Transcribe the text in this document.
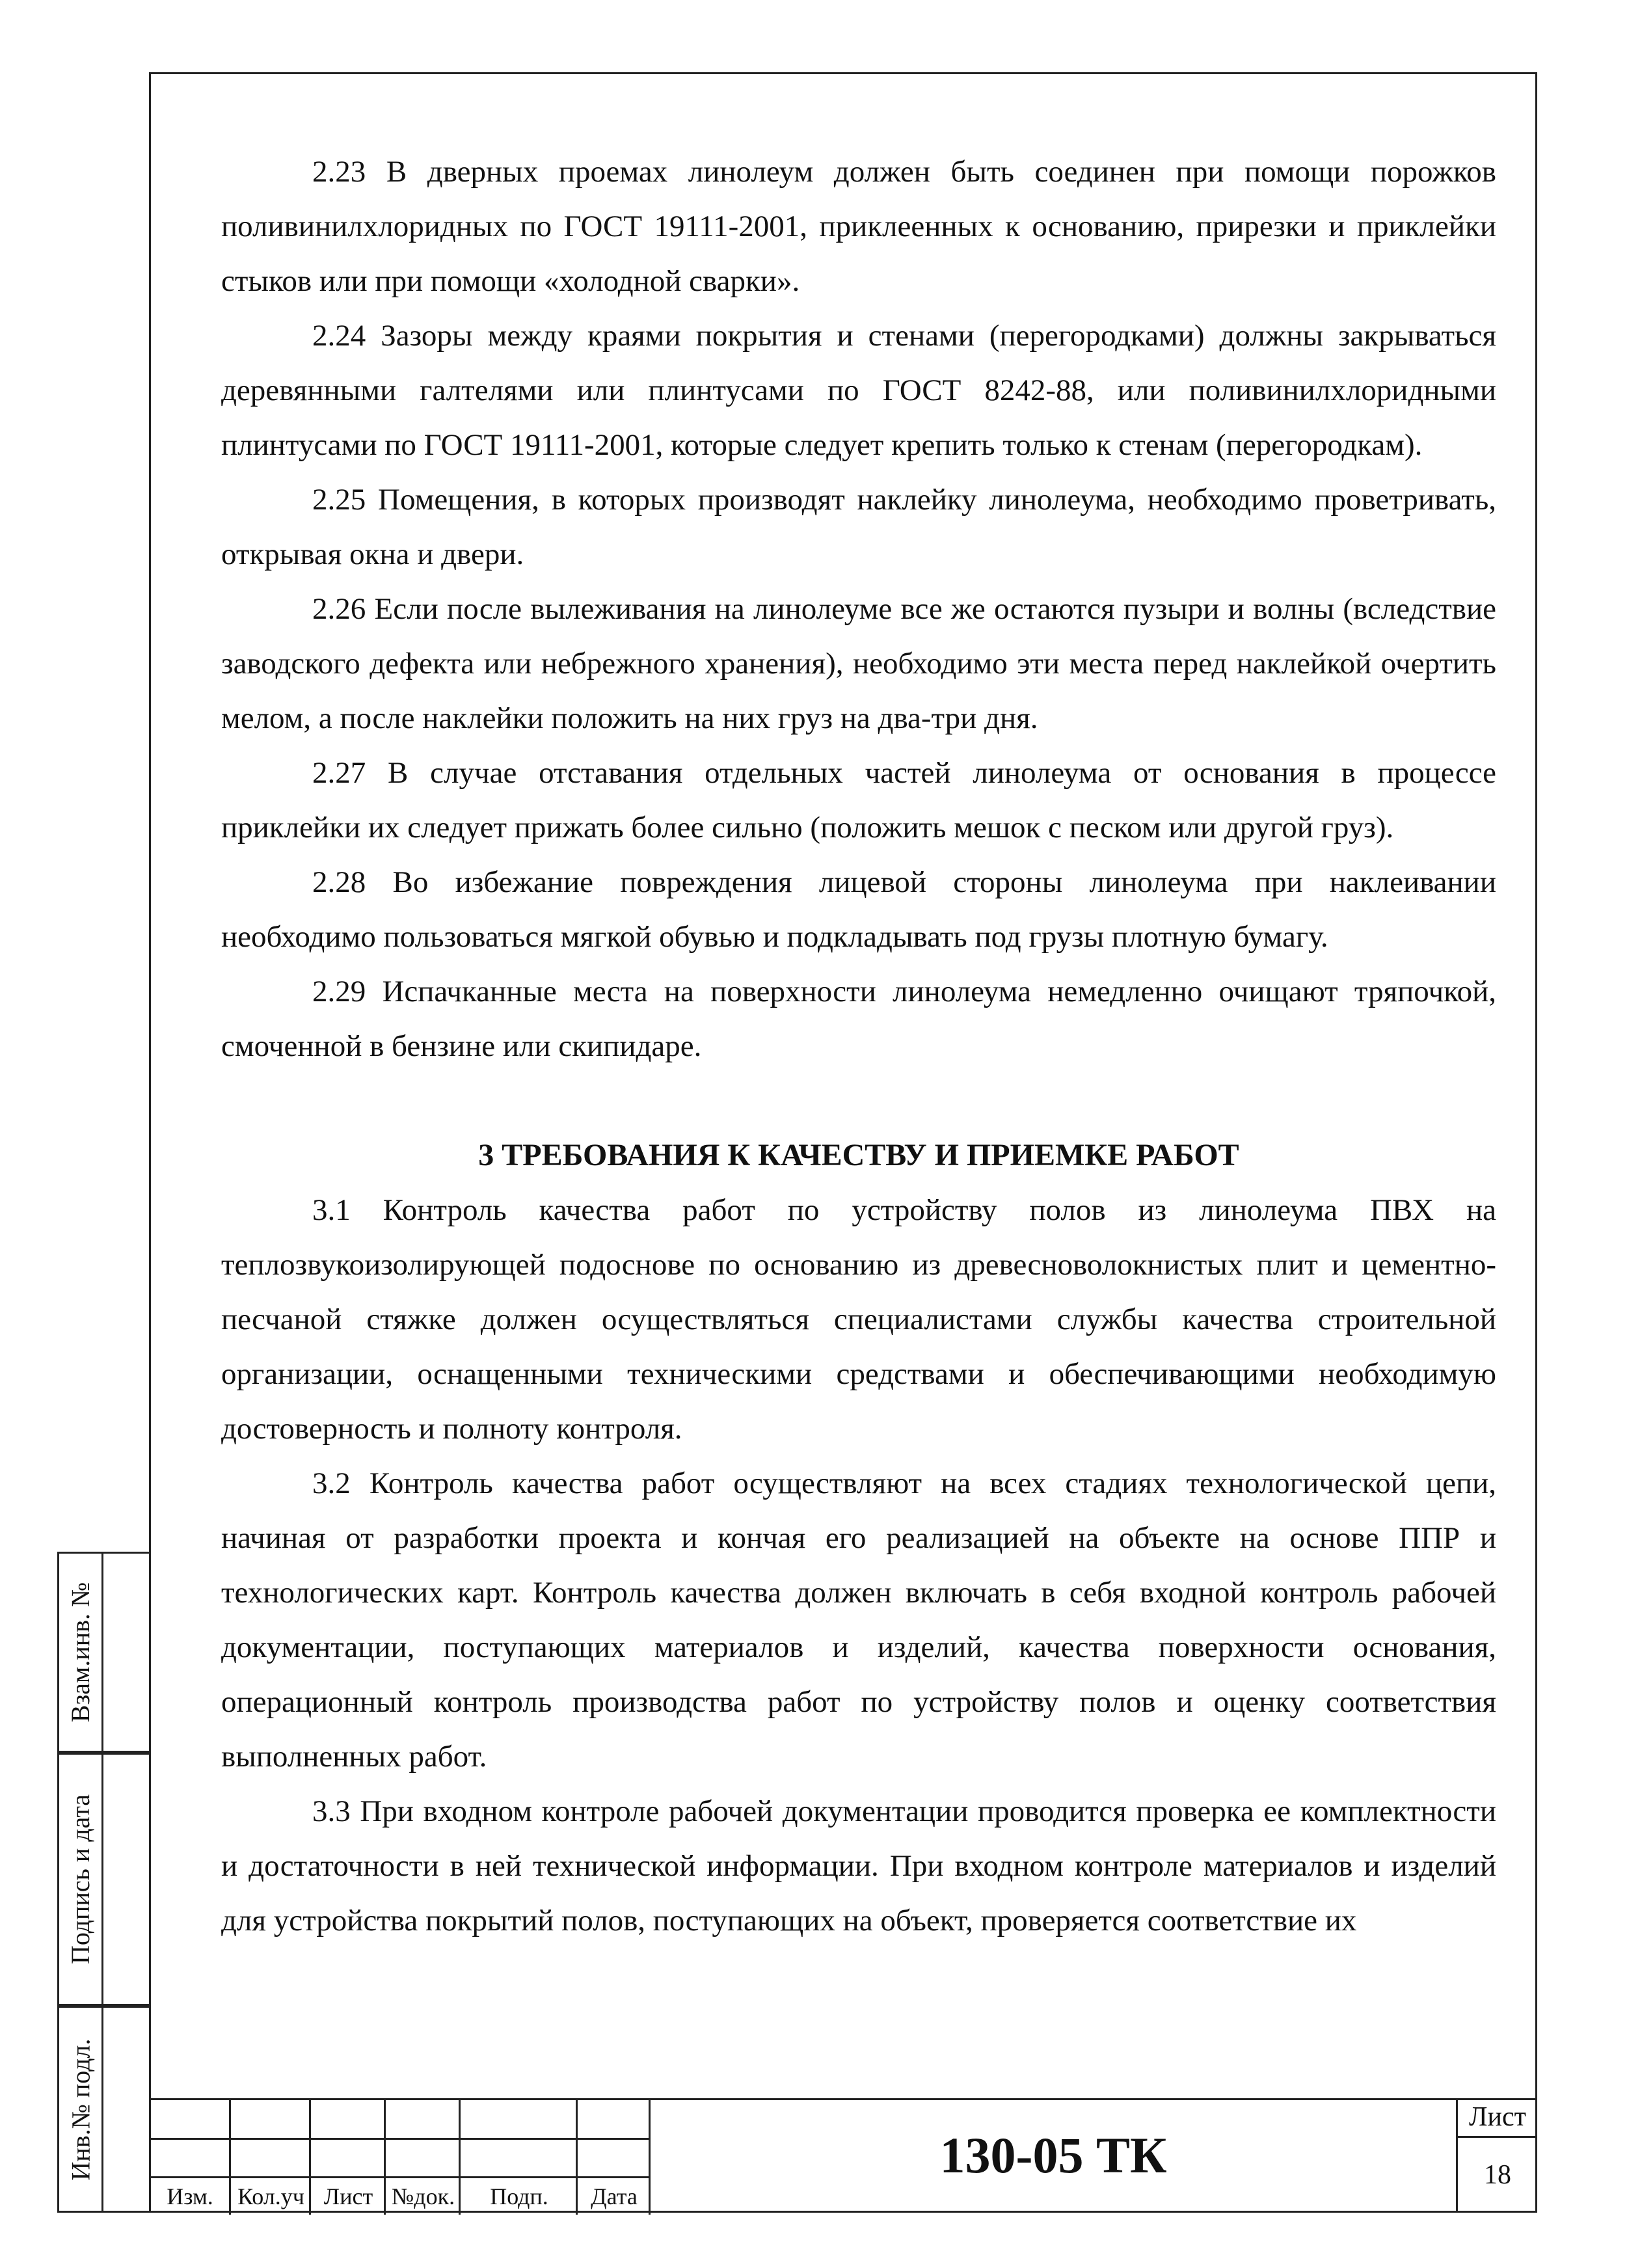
2.23 В дверных проемах линолеум должен быть соединен при помощи порожков поливинилхлоридных по ГОСТ 19111-2001, приклеенных к основанию, прирезки и приклейки стыков или при помощи «холодной сварки».

2.24 Зазоры между краями покрытия и стенами (перегородками) должны закрываться деревянными галтелями или плинтусами по ГОСТ 8242-88, или поливинилхлоридными плинтусами по ГОСТ 19111-2001, которые следует крепить только к стенам (перегородкам).

2.25 Помещения, в которых производят наклейку линолеума, необходимо проветривать, открывая окна и двери.

2.26 Если после вылеживания на линолеуме все же остаются пузыри и волны (вследствие заводского дефекта или небрежного хранения), необходимо эти места перед наклейкой очертить мелом, а после наклейки положить на них груз на два-три дня.

2.27 В случае отставания отдельных частей линолеума от основания в процессе приклейки их следует прижать более сильно (положить мешок с песком или другой груз).

2.28 Во избежание повреждения лицевой стороны линолеума при наклеивании необходимо пользоваться мягкой обувью и подкладывать под грузы плотную бумагу.

2.29 Испачканные места на поверхности линолеума немедленно очищают тряпочкой, смоченной в бензине или скипидаре.

3 ТРЕБОВАНИЯ К КАЧЕСТВУ И ПРИЕМКЕ РАБОТ

3.1 Контроль качества работ по устройству полов из линолеума ПВХ на теплозвукоизолирующей подоснове по основанию из древесноволокнистых плит и цементно-песчаной стяжке должен осуществляться специалистами службы качества строительной организации, оснащенными техническими средствами и обеспечивающими необходимую достоверность и полноту контроля.

3.2 Контроль качества работ осуществляют на всех стадиях технологической цепи, начиная от разработки проекта и кончая его реализацией на объекте на основе ППР и технологических карт. Контроль качества должен включать в себя входной контроль рабочей документации, поступающих материалов и изделий, качества поверхности основания, операционный контроль производства работ по устройству полов и оценку соответствия выполненных работ.

3.3 При входном контроле рабочей документации проводится проверка ее комплектности и достаточности в ней технической информации. При входном контроле материалов и изделий для устройства покрытий полов, поступающих на объект, проверяется соответствие их

Взам.инв. №
Подпись и дата
Инв.№ подл.
Изм.	Кол.уч Лист №док.	Подп.	Дата
130-05 ТК
Лист
18
